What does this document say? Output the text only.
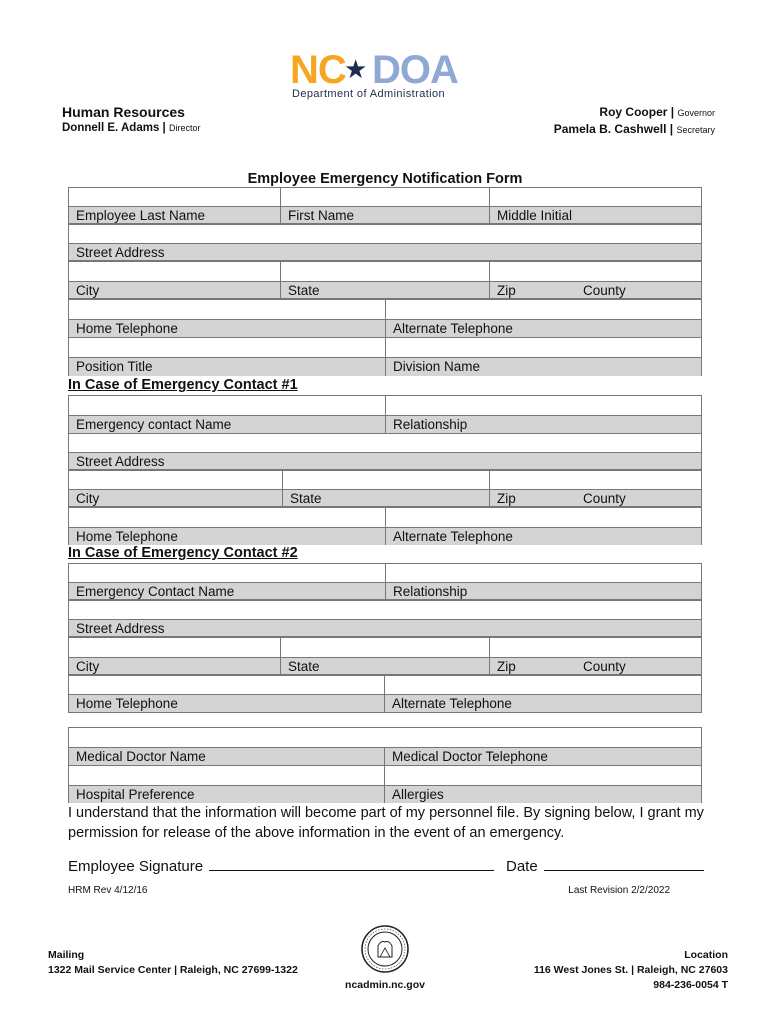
NC
★ DOA
Department of Administration
Human Resources
Donnell E. Adams | Director
Roy Cooper | Governor
Pamela B. Cashwell | Secretary
Employee Emergency Notification Form
Employee Last Name	First Name	Middle Initial
Street Address
City	State	Zip	County
Home Telephone	Alternate Telephone
Position Title	Division Name
In Case of Emergency Contact #1
Emergency contact Name	Relationship
Street Address
City	State	Zip	County
Home Telephone	Alternate Telephone
In Case of Emergency Contact #2
Emergency Contact Name	Relationship
Street Address
City	State	Zip	County
Home Telephone	Alternate Telephone
Medical Doctor Name	Medical Doctor Telephone
Hospital Preference	Allergies
I understand that the information will become part of my personnel file. By signing below, I grant my permission for release of the above information in the event of an emergency.
Employee Signature	Date
HRM Rev 4/12/16	Last Revision 2/2/2022
Mailing
1322 Mail Service Center | Raleigh, NC 27699-1322
ncadmin.nc.gov
Location
116 West Jones St. | Raleigh, NC 27603
984-236-0054 T
